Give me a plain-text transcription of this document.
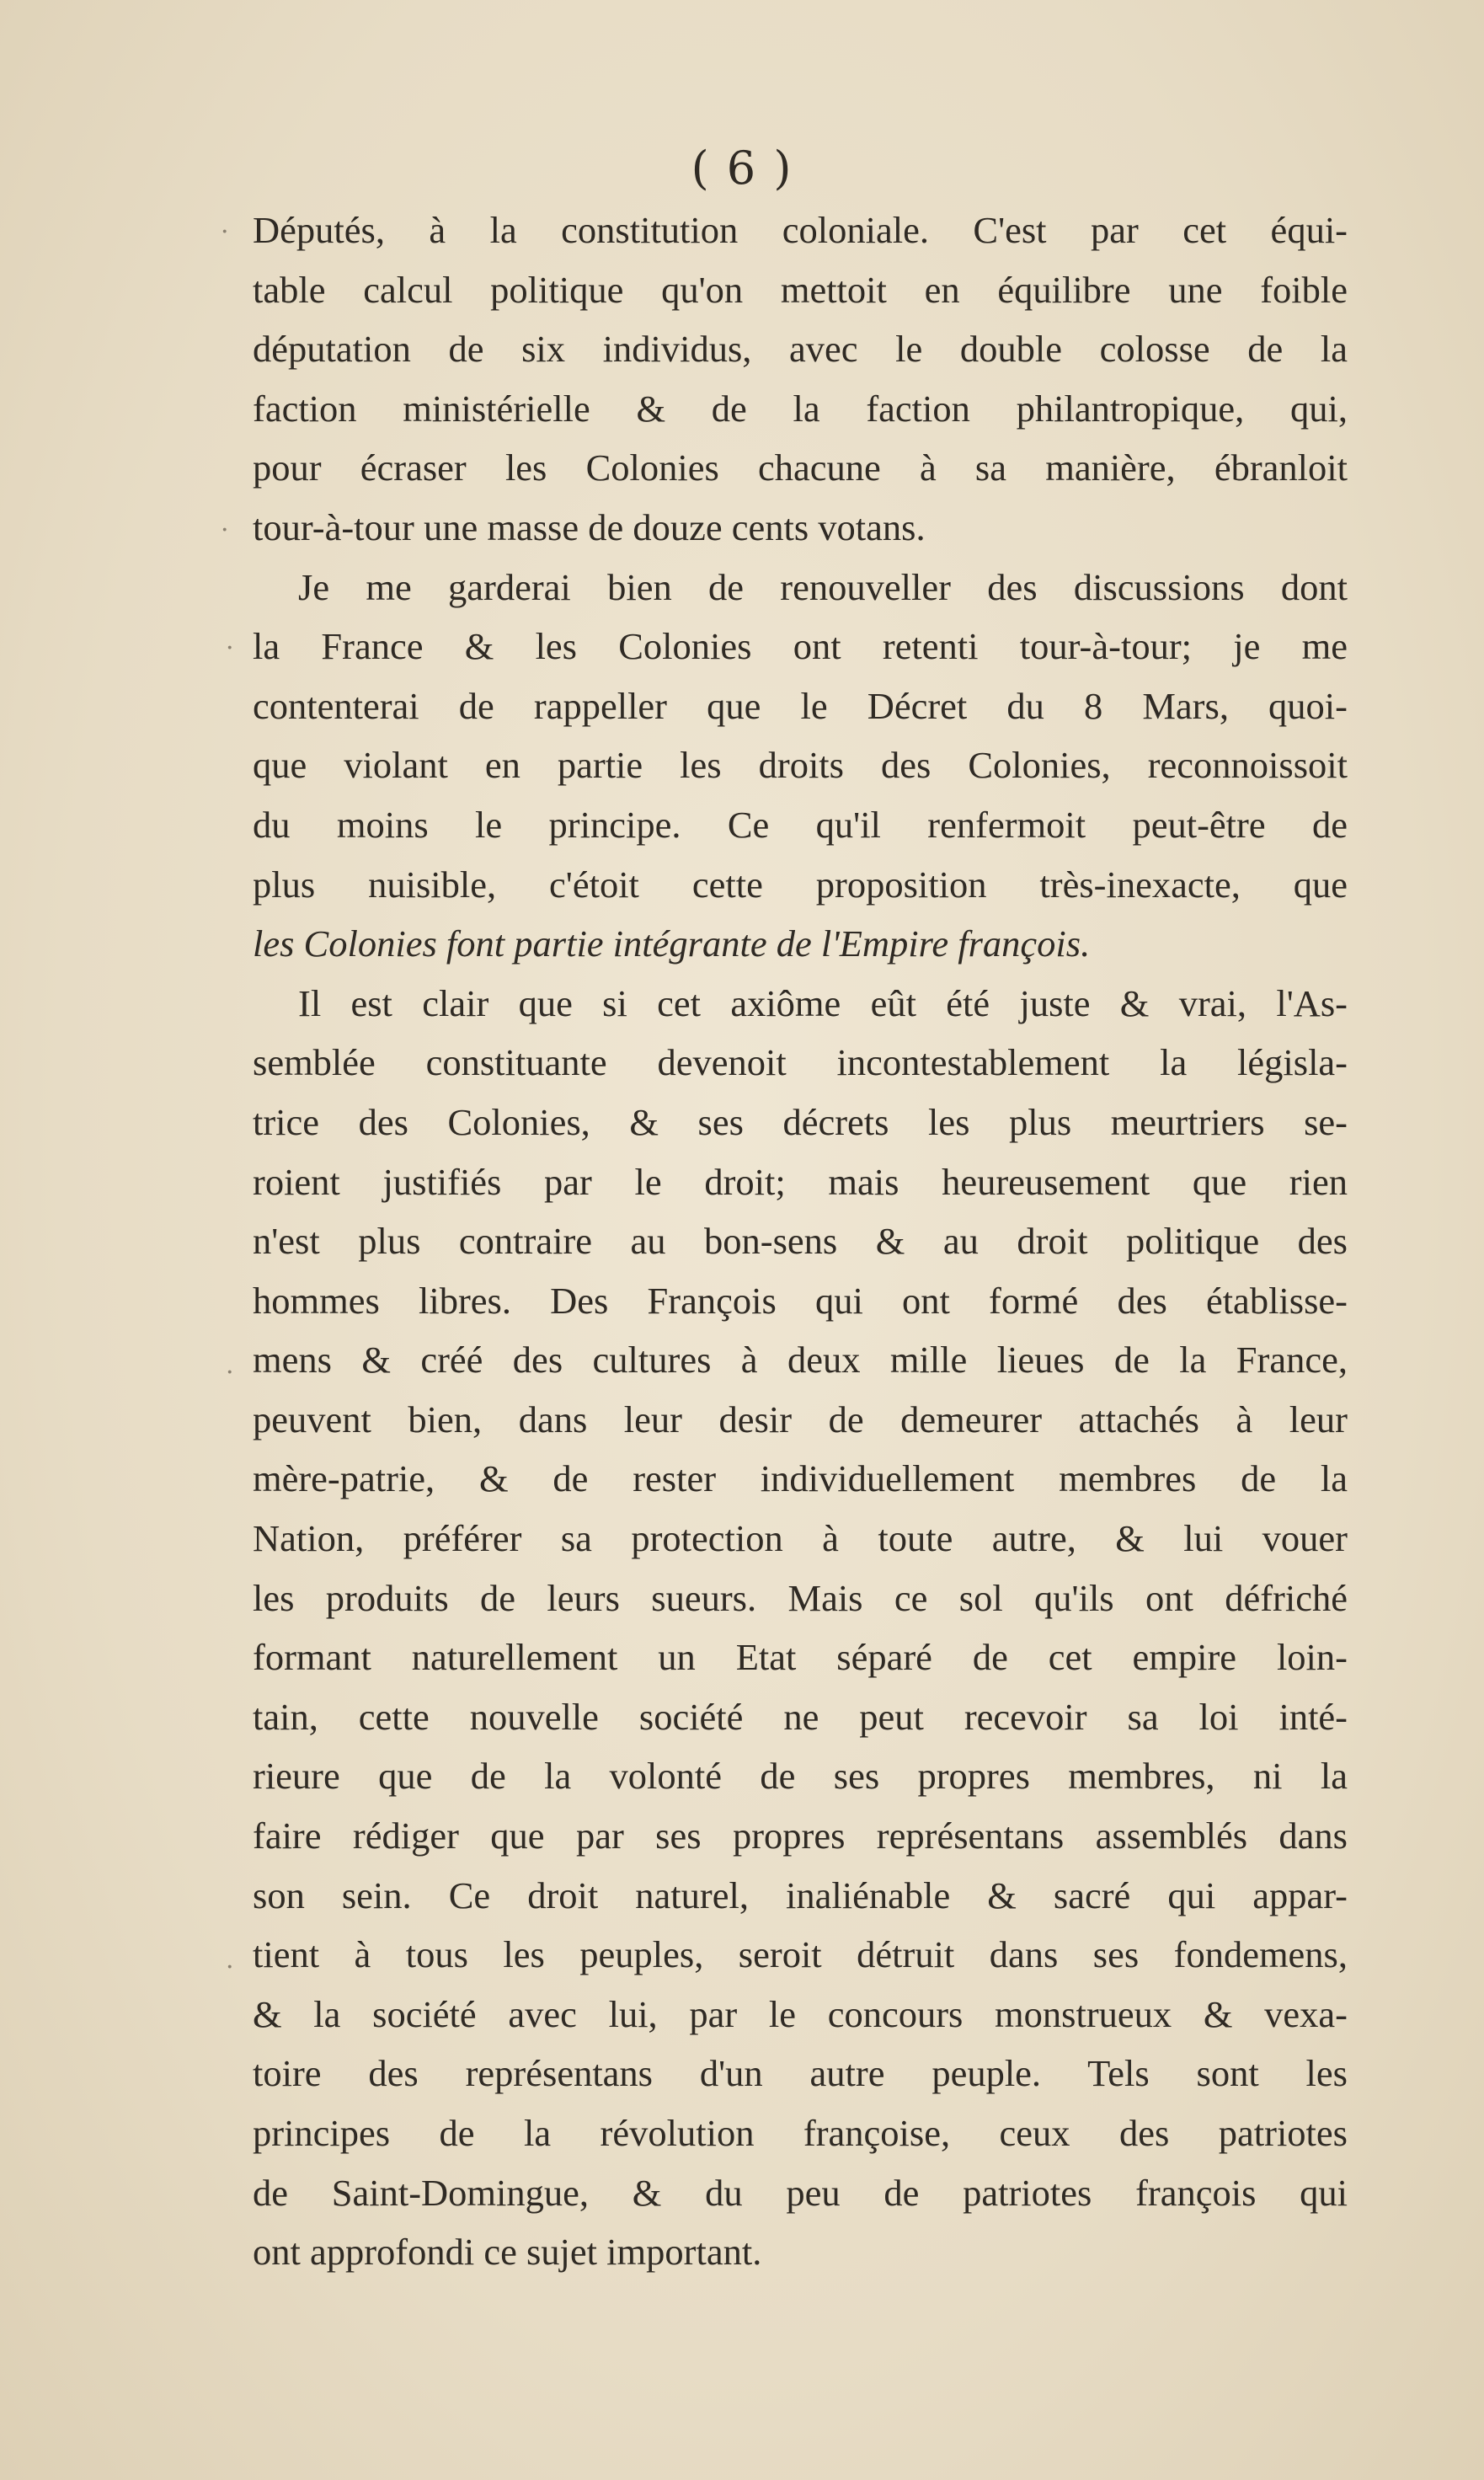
( 6 )
·
·
·
·
·
Députés, à la constitution coloniale. C'est par cet équi-
table calcul politique qu'on mettoit en équilibre une foible
députation de six individus, avec le double colosse de la
faction ministérielle & de la faction philantropique, qui,
pour écraser les Colonies chacune à sa manière, ébranloit
tour-à-tour une masse de douze cents votans.
Je me garderai bien de renouveller des discussions dont
la France & les Colonies ont retenti tour-à-tour; je me
contenterai de rappeller que le Décret du 8 Mars, quoi-
que violant en partie les droits des Colonies, reconnoissoit
du moins le principe. Ce qu'il renfermoit peut-être de
plus nuisible, c'étoit cette proposition très-inexacte, que
les Colonies font partie intégrante de l'Empire françois.
Il est clair que si cet axiôme eût été juste & vrai, l'As-
semblée constituante devenoit incontestablement la législa-
trice des Colonies, & ses décrets les plus meurtriers se-
roient justifiés par le droit; mais heureusement que rien
n'est plus contraire au bon-sens & au droit politique des
hommes libres. Des François qui ont formé des établisse-
mens & créé des cultures à deux mille lieues de la France,
peuvent bien, dans leur desir de demeurer attachés à leur
mère-patrie, & de rester individuellement membres de la
Nation, préférer sa protection à toute autre, & lui vouer
les produits de leurs sueurs. Mais ce sol qu'ils ont défriché
formant naturellement un Etat séparé de cet empire loin-
tain, cette nouvelle société ne peut recevoir sa loi inté-
rieure que de la volonté de ses propres membres, ni la
faire rédiger que par ses propres représentans assemblés dans
son sein. Ce droit naturel, inaliénable & sacré qui appar-
tient à tous les peuples, seroit détruit dans ses fondemens,
& la société avec lui, par le concours monstrueux & vexa-
toire des représentans d'un autre peuple. Tels sont les
principes de la révolution françoise, ceux des patriotes
de Saint-Domingue, & du peu de patriotes françois qui
ont approfondi ce sujet important.
